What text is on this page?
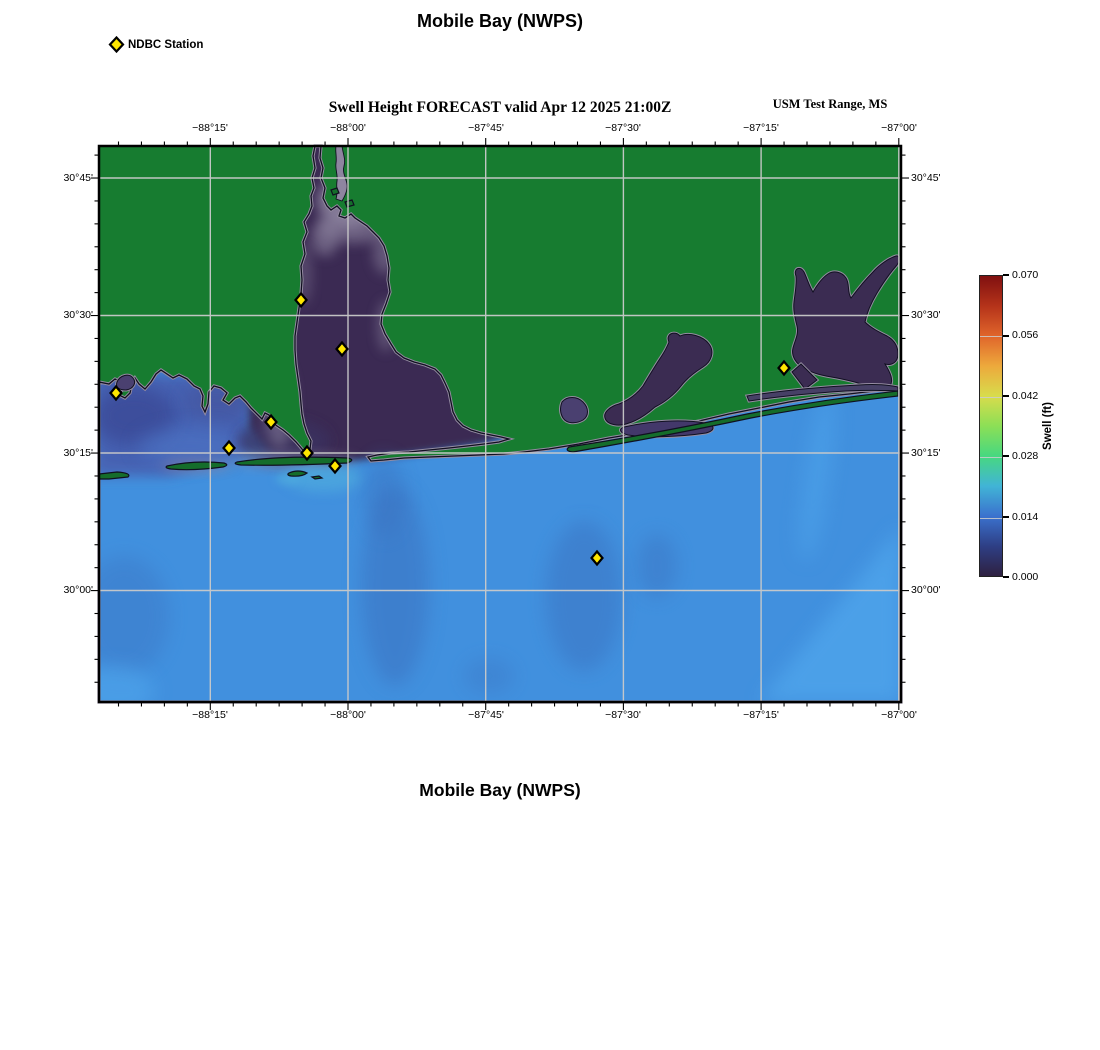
Mobile Bay (NWPS)
NDBC Station
Swell Height FORECAST valid Apr 12 2025 21:00Z	USM Test Range, MS
−88°15'	−88°00'	−87°45'	−87°30'	−87°15'	−87°00'
−88°15'	−88°00'	−87°45'	−87°30'	−87°15'	−87°00'
30°45'
30°30'
30°15'
30°00'
30°45'
30°30'
30°15'
30°00'
0.070
0.056
0.042
0.028
0.014
0.000
Swell (ft)
Mobile Bay (NWPS)
